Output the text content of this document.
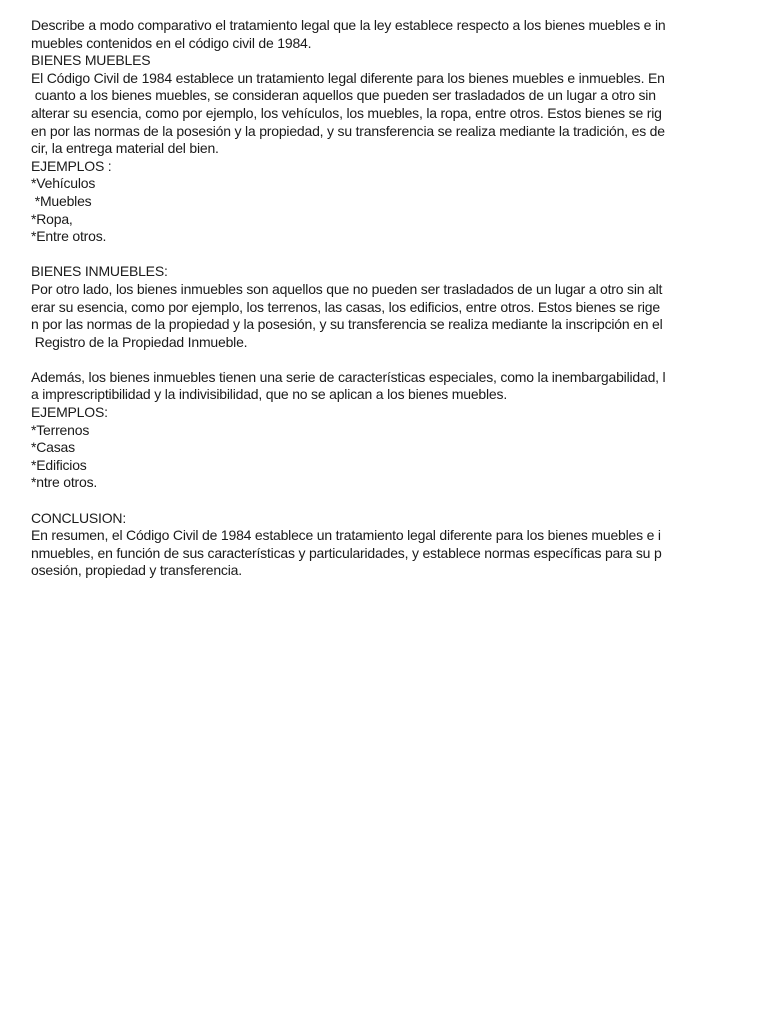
Describe a modo comparativo el tratamiento legal que la ley establece respecto a los bienes muebles e in
muebles contenidos en el código civil de 1984.
BIENES MUEBLES
El Código Civil de 1984 establece un tratamiento legal diferente para los bienes muebles e inmuebles. En
cuanto a los bienes muebles, se consideran aquellos que pueden ser trasladados de un lugar a otro sin
alterar su esencia, como por ejemplo, los vehículos, los muebles, la ropa, entre otros. Estos bienes se rig
en por las normas de la posesión y la propiedad, y su transferencia se realiza mediante la tradición, es de
cir, la entrega material del bien.
EJEMPLOS :
*Vehículos
*Muebles
*Ropa,
*Entre otros.
BIENES INMUEBLES:
Por otro lado, los bienes inmuebles son aquellos que no pueden ser trasladados de un lugar a otro sin alt
erar su esencia, como por ejemplo, los terrenos, las casas, los edificios, entre otros. Estos bienes se rige
n por las normas de la propiedad y la posesión, y su transferencia se realiza mediante la inscripción en el
Registro de la Propiedad Inmueble.
Además, los bienes inmuebles tienen una serie de características especiales, como la inembargabilidad, l
a imprescriptibilidad y la indivisibilidad, que no se aplican a los bienes muebles.
EJEMPLOS:
*Terrenos
*Casas
*Edificios
*ntre otros.
CONCLUSION:
En resumen, el Código Civil de 1984 establece un tratamiento legal diferente para los bienes muebles e i
nmuebles, en función de sus características y particularidades, y establece normas específicas para su p
osesión, propiedad y transferencia.
